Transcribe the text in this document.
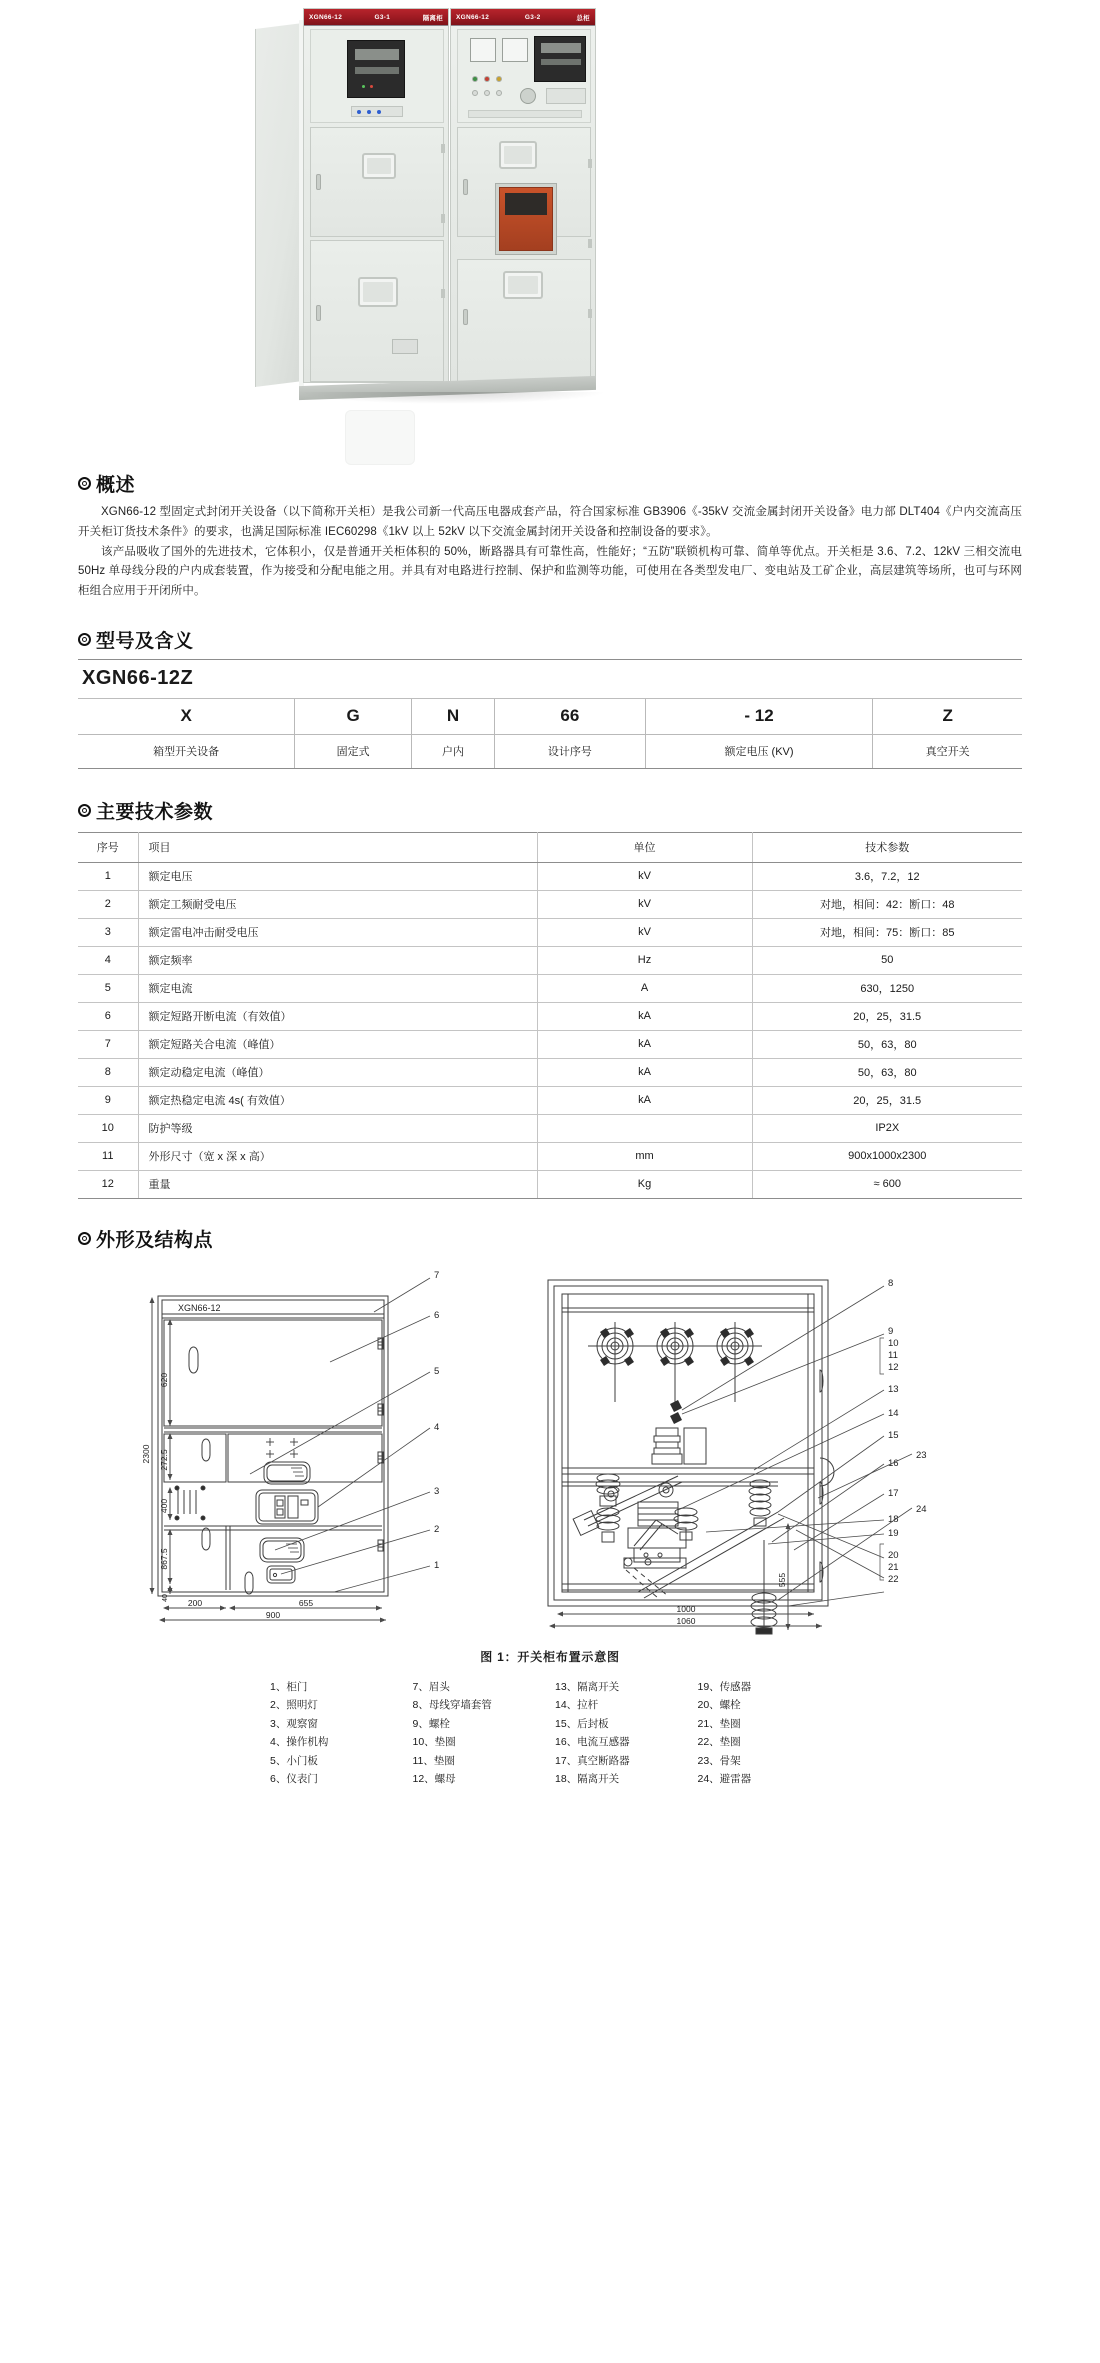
XGN66-12	G3-1	隔离柜 XGN66-12	G3-2	总柜
概述

XGN66-12 型固定式封闭开关设备（以下简称开关柜）是我公司新一代高压电器成套产品，符合国家标准 GB3906《-35kV 交流金属封闭开关设备》电力部 DLT404《户内交流高压开关柜订货技术条件》的要求，也满足国际标准 IEC60298《1kV 以上 52kV 以下交流金属封闭开关设备和控制设备的要求》。

该产品吸收了国外的先进技术，它体积小，仅是普通开关柜体积的 50%，断路器具有可靠性高，性能好；“五防”联锁机构可靠、简单等优点。开关柜是 3.6、7.2、12kV 三相交流电 50Hz 单母线分段的户内成套装置，作为接受和分配电能之用。并具有对电路进行控制、保护和监测等功能，可使用在各类型发电厂、变电站及工矿企业，高层建筑等场所，也可与环网柜组合应用于开闭所中。

型号及含义
XGN66-12Z
X	G	N	66	- 12	Z
箱型开关设备	固定式	户内	设计序号	额定电压 (KV)	真空开关
主要技术参数
序号	项目	单位	技术参数
1	额定电压	kV	3.6，7.2，12
2	额定工频耐受电压	kV	对地，相间：42：断口：48
3	额定雷电冲击耐受电压	kV	对地，相间：75：断口：85
4	额定频率	Hz	50
5	额定电流	A	630，1250
6	额定短路开断电流（有效值）	kA	20，25，31.5
7	额定短路关合电流（峰值）	kA	50，63，80
8	额定动稳定电流（峰值）	kA	50，63，80
9	额定热稳定电流 4s( 有效值）	kA	20，25，31.5
10	防护等级		IP2X
11	外形尺寸（宽 x 深 x 高）	mm	900x1000x2300
12	重量	Kg	≈ 600
外形及结构点
XGN66-12
620
272.5
400
2300
867.5
40 200	655
900
7
6
5
4
3
2
1
555
1000
1060
8
9
10
11
12
13
14
15
16
17
18
19
20
21
22
23
24
图 1：开关柜布置示意图
1、柜门
2、照明灯
3、观察窗
4、操作机构
5、小门板
6、仪表门
7、眉头
8、母线穿墙套管
9、螺栓
10、垫圈
11、垫圈
12、螺母
13、隔离开关
14、拉杆
15、后封板
16、电流互感器
17、真空断路器
18、隔离开关
19、传感器
20、螺栓
21、垫圈
22、垫圈
23、骨架
24、避雷器
